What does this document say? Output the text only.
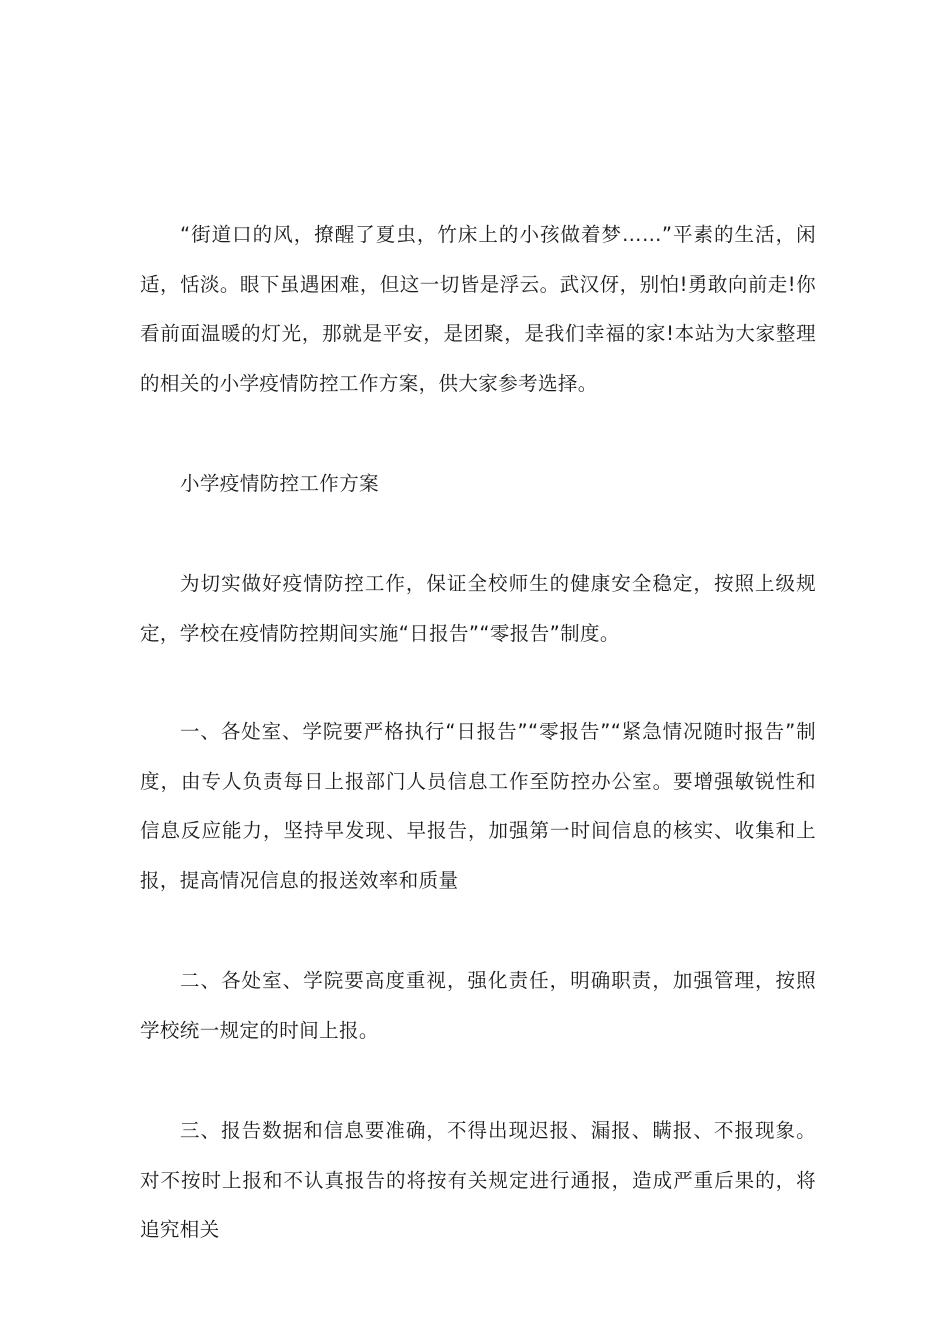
“街道口的风，撩醒了夏虫，竹床上的小孩做着梦……”平素的生活，闲适，恬淡。眼下虽遇困难，但这一切皆是浮云。武汉伢，别怕!勇敢向前走!你看前面温暖的灯光，那就是平安，是团聚，是我们幸福的家!本站为大家整理的相关的小学疫情防控工作方案，供大家参考选择。

小学疫情防控工作方案

为切实做好疫情防控工作，保证全校师生的健康安全稳定，按照上级规定，学校在疫情防控期间实施“日报告”“零报告”制度。

一、各处室、学院要严格执行“日报告”“零报告”“紧急情况随时报告”制度，由专人负责每日上报部门人员信息工作至防控办公室。要增强敏锐性和信息反应能力，坚持早发现、早报告，加强第一时间信息的核实、收集和上报，提高情况信息的报送效率和质量

二、各处室、学院要高度重视，强化责任，明确职责，加强管理，按照学校统一规定的时间上报。

三、报告数据和信息要准确，不得出现迟报、漏报、瞒报、不报现象。对不按时上报和不认真报告的将按有关规定进行通报，造成严重后果的，将追究相关
